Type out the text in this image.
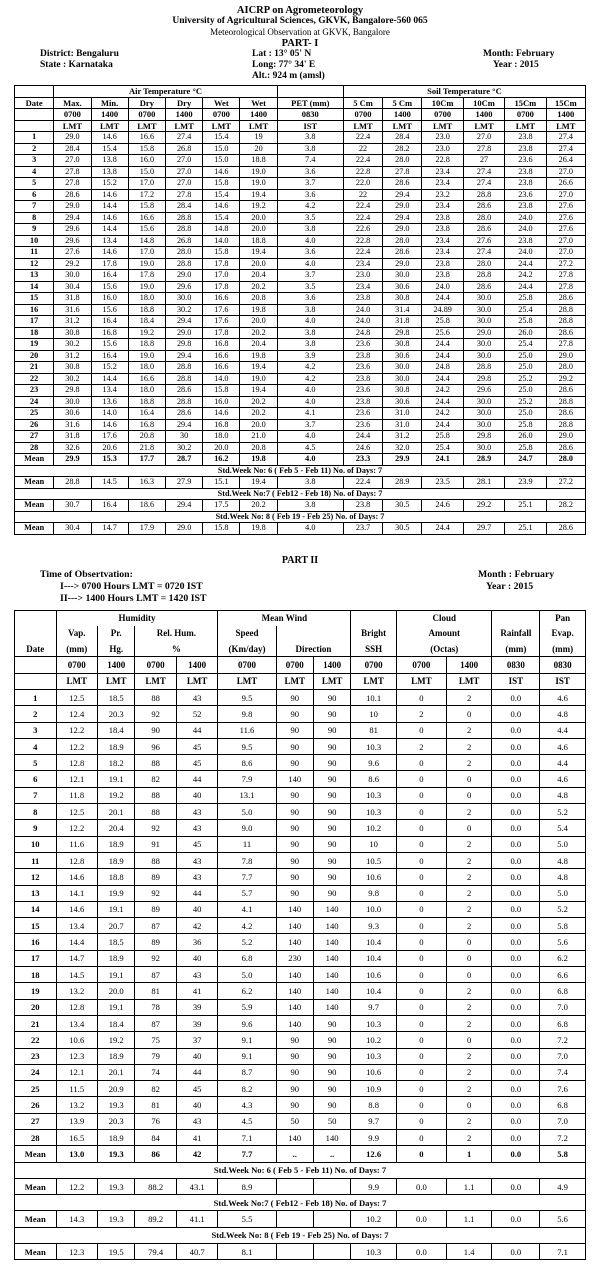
AICRP on Agrometeorology
University of Agricultural Sciences, GKVK, Bangalore-560 065
Meteorological Observation at GKVK, Bangalore
PART- I
District: Bengaluru
State : Karnataka
Lat : 13° 05' N
Long: 77° 34' E
Alt.: 924 m (amsl)
Month: February
Year : 2015
	Air Temperature °C							Soil Temperature °C					
Date	Max.	Min.	Dry	Dry	Wet	Wet	PET (mm)	5 Cm	5 Cm	10Cm	10Cm	15Cm	15Cm
	0700	1400	0700	1400	0700	1400	0830	0700	1400	0700	1400	0700	1400
	LMT	LMT	LMT	LMT	LMT	LMT	IST	LMT	LMT	LMT	LMT	LMT	LMT
1	29.0	14.6	16.6	27.4	15.4	19	3.8	22.4	28.4	23.0	27.0	23.8	27.4
2	28.4	15.4	15.8	26.8	15.0	20	3.8	22	28.2	23.0	27.8	23.8	27.4
3	27.0	13.8	16.0	27.0	15.0	18.8	7.4	22.4	28.0	22.8	27	23.6	26.4
4	27.8	13.8	15.0	27.0	14.6	19.0	3.6	22.8	27.8	23.4	27.4	23.8	27.0
5	27.8	15.2	17.0	27.0	15.8	19.0	3.7	22.0	28.6	23.4	27.4	23.8	26.6
6	28.6	14.6	17.2	27.8	15.4	19.4	3.6	22	29.4	23.2	28.8	23.6	27.0
7	29.0	14.4	15.8	28.4	14.6	19.2	4.2	22.4	29.0	23.4	28.6	23.8	27.6
8	29.4	14.6	16.6	28.8	15.4	20.0	3.5	22.4	29.4	23.8	28.0	24.0	27.6
9	29.6	14.4	15.6	28.8	14.8	20.0	3.8	22.6	29.0	23.8	28.6	24.0	27.6
10	29.6	13.4	14.8	26.8	14.0	18.8	4.0	22.8	28.0	23.4	27.6	23.8	27.0
11	27.6	14.6	17.0	28.0	15.8	19.4	3.6	22.4	28.6	23.4	27.4	24.0	27.0
12	29.2	17.8	19.0	28.8	17.8	20.0	4.0	23.4	29.0	23.8	28.0	24.4	27.2
13	30.0	16.4	17.8	29.0	17.0	20.4	3.7	23.0	30.0	23.8	28.8	24.2	27.8
14	30.4	15.6	19.0	29.6	17.8	20.2	3.5	23.4	30.6	24.0	28.6	24.4	27.8
15	31.8	16.0	18.0	30.0	16.6	20.8	3.6	23.8	30.8	24.4	30.0	25.8	28.6
16	31.6	15.6	18.8	30.2	17.6	19.8	3.8	24.0	31.4	24.89	30.0	25.4	28.8
17	31.2	16.4	18.4	29.4	17.6	20.0	4.0	24.0	31.8	25.8	30.0	25.8	28.8
18	30.8	16.8	19.2	29.0	17.8	20.2	3.8	24.8	29.8	25.6	29.0	26.0	28.6
19	30.2	15.6	18.8	29.8	16.8	20.4	3.8	23.6	30.8	24.4	30.0	25.4	27.8
20	31.2	16.4	19.0	29.4	16.6	19.8	3.9	23.8	30.6	24.4	30.0	25.0	29.0
21	30.8	15.2	18.0	28.8	16.6	19.4	4.2	23.6	30.0	24.8	28.8	25.0	28.0
22	30.2	14.4	16.6	28.8	14.0	19.0	4.2	23.8	30.0	24.4	29.8	25.2	29.2
23	29.8	13.4	18.0	28.6	15.8	19.4	4.0	23.6	30.8	24.2	29.6	25.0	28.6
24	30.0	13.6	18.8	28.8	16.0	20.2	4.0	23.8	30.6	24.4	30.0	25.2	28.8
25	30.6	14.0	16.4	28.6	14.6	20.2	4.1	23.6	31.0	24.2	30.0	25.0	28.6
26	31.6	14.6	16.8	29.4	16.8	20.0	3.7	23.6	31.0	24.4	30.0	25.8	28.8
27	31.8	17.6	20.8	30	18.0	21.0	4.0	24.4	31.2	25.8	29.8	26.0	29.0
28	32.6	20.6	21.8	30.2	20.0	20.8	4.5	24.6	32.0	25.4	30.0	25.8	28.6
Mean	29.9	15.3	17.7	28.7	16.2	19.8	4.0	23.3	29.9	24.1	28.9	24.7	28.0
Std.Week No: 6 ( Feb 5 - Feb 11) No. of Days: 7													
Mean	28.8	14.5	16.3	27.9	15.1	19.4	3.8	22.4	28.9	23.5	28.1	23.9	27.2
Std.Week No:7 ( Feb12 - Feb 18) No. of Days: 7													
Mean	30.7	16.4	18.6	29.4	17.5	20.2	3.8	23.8	30.5	24.6	29.2	25.1	28.2
Std.Week No: 8 ( Feb 19 - Feb 25) No. of Days: 7													
Mean	30.4	14.7	17.9	29.0	15.8	19.8	4.0	23.7	30.5	24.4	29.7	25.1	28.6
PART II
Time of Obsertvation:
I---> 0700 Hours LMT = 0720 IST
II---> 1400 Hours LMT = 1420 IST
Month : February
Year : 2015
	Humidity				Mean Wind				Cloud			Pan
	Vap.	Pr.	Rel. Hum.		Speed			Bright	Amount		Rainfall	Evap.
Date	(mm)	Hg.	%		(Km/day)	Direction		SSH	(Octas)		(mm)	(mm)
	0700	1400	0700	1400	0700	0700	1400	0700	0700	1400	0830	0830
	LMT	LMT	LMT	LMT	LMT	LMT	LMT	LMT	LMT	LMT	IST	IST
1	12.5	18.5	88	43	9.5	90	90	10.1	0	2	0.0	4.6
2	12.4	20.3	92	52	9.8	90	90	10	2	0	0.0	4.8
3	12.2	18.4	90	44	11.6	90	90	81	0	2	0.0	4.4
4	12.2	18.9	96	45	9.5	90	90	10.3	2	2	0.0	4.6
5	12.8	18.2	88	45	8.6	90	90	9.6	0	2	0.0	4.4
6	12.1	19.1	82	44	7.9	140	90	8.6	0	0	0.0	4.6
7	11.8	19.2	88	40	13.1	90	90	10.3	0	0	0.0	4.8
8	12.5	20.1	88	43	5.0	90	90	10.3	0	2	0.0	5.2
9	12.2	20.4	92	43	9.0	90	90	10.2	0	0	0.0	5.4
10	11.6	18.9	91	45	11	90	90	10	0	2	0.0	5.0
11	12.8	18.9	88	43	7.8	90	90	10.5	0	2	0.0	4.8
12	14.6	18.8	89	43	7.7	90	90	10.6	0	2	0.0	4.8
13	14.1	19.9	92	44	5.7	90	90	9.8	0	2	0.0	5.0
14	14.6	19.1	89	40	4.1	140	140	10.0	0	2	0.0	5.2
15	13.4	20.7	87	42	4.2	140	140	9.3	0	2	0.0	5.8
16	14.4	18.5	89	36	5.2	140	140	10.4	0	0	0.0	5.6
17	14.7	18.9	92	40	6.8	230	140	10.4	0	0	0.0	6.2
18	14.5	19.1	87	43	5.0	140	140	10.6	0	0	0.0	6.6
19	13.2	20.0	81	41	6.2	140	140	10.4	0	2	0.0	6.8
20	12.8	19.1	78	39	5.9	140	140	9.7	0	2	0.0	7.0
21	13.4	18.4	87	39	9.6	140	90	10.3	0	2	0.0	6.8
22	10.6	19.2	75	37	9.1	90	90	10.2	0	0	0.0	7.2
23	12.3	18.9	79	40	9.1	90	90	10.3	0	2	0.0	7.0
24	12.1	20.1	74	44	8.7	90	90	10.6	0	2	0.0	7.4
25	11.5	20.9	82	45	8.2	90	90	10.9	0	2	0.0	7.6
26	13.2	19.3	81	40	4.3	90	90	8.8	0	0	0.0	6.8
27	13.9	20.3	76	43	4.5	50	50	9.7	0	2	0.0	7.0
28	16.5	18.9	84	41	7.1	140	140	9.9	0	2	0.0	7.2
Mean	13.0	19.3	86	42	7.7	..	..	12.6	0	1	0.0	5.8
Std.Week No: 6 ( Feb 5 - Feb 11) No. of Days: 7												
Mean	12.2	19.3	88.2	43.1	8.9			9.9	0.0	1.1	0.0	4.9
Std.Week No:7 ( Feb12 - Feb 18) No. of Days: 7												
Mean	14.3	19.3	89.2	41.1	5.5			10.2	0.0	1.1	0.0	5.6
Std.Week No: 8 ( Feb 19 - Feb 25) No. of Days: 7												
Mean	12.3	19.5	79.4	40.7	8.1			10.3	0.0	1.4	0.0	7.1
